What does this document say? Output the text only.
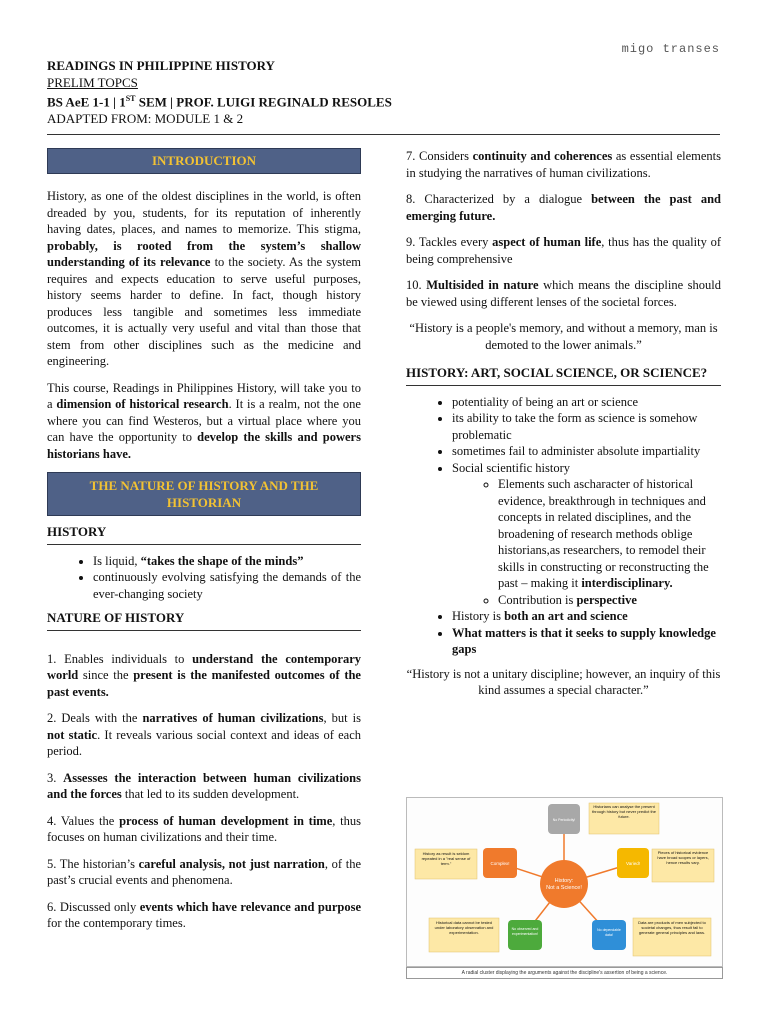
migo transes
READINGS IN PHILIPPINE HISTORY
PRELIM TOPCS
BS AeE 1-1 | 1ST SEM | PROF. LUIGI REGINALD RESOLES
ADAPTED FROM: MODULE 1 & 2
INTRODUCTION

History, as one of the oldest disciplines in the world, is often dreaded by you, students, for its reputation of inherently having dates, places, and names to memorize. This stigma, probably, is rooted from the system’s shallow understanding of its relevance to the society. As the system requires and expects education to serve useful purposes, history seems harder to define. In fact, though history produces less tangible and sometimes less immediate outcomes, it is actually very useful and vital than those that stem from other disciplines such as the medicine and engineering.

This course, Readings in Philippines History, will take you to a dimension of historical research. It is a realm, not the one where you can find Westeros, but a virtual place where you can have the opportunity to develop the skills and powers historians have.

THE NATURE OF HISTORY AND THE HISTORIAN
HISTORY
• Is liquid, “takes the shape of the minds”
• continuously evolving satisfying the demands of the ever-changing society
NATURE OF HISTORY

1. Enables individuals to understand the contemporary world since the present is the manifested outcomes of the past events.

2. Deals with the narratives of human civilizations, but is not static. It reveals various social context and ideas of each period.

3. Assesses the interaction between human civilizations and the forces that led to its sudden development.

4. Values the process of human development in time, thus focuses on human civilizations and their time.

5. The historian’s careful analysis, not just narration, of the past’s crucial events and phenomena.

6. Discussed only events which have relevance and purpose for the contemporary times.

7. Considers continuity and coherences as essential elements in studying the narratives of human civilizations.

8. Characterized by a dialogue between the past and emerging future.

9. Tackles every aspect of human life, thus has the quality of being comprehensive

10. Multisided in nature which means the discipline should be viewed using different lenses of the societal forces.

“History is a people's memory, and without a memory, man is demoted to the lower animals.”
HISTORY: ART, SOCIAL SCIENCE, OR SCIENCE?
• potentiality of being an art or science
• its ability to take the form as science is somehow problematic
• sometimes fail to administer absolute impartiality
• Social scientific history
◦ Elements such ascharacter of historical evidence, breakthrough in techniques and concepts in related disciplines, and the broadening of research methods oblige historians,as researchers, to remodel their skills in constructing or reconstructing the past – making it interdisciplinary.
◦ Contribution is perspective
• History is both an art and science
• What matters is that it seeks to supply knowledge gaps
“History is not a unitary discipline; however, an inquiry of this kind assumes a special character.”
History: Not a Science!
No Periodicity!
Historians can analyse the present through history but never predict the future.
Varied!
Pieces of historical evidence have broad scopes or layers, hence results vary.
Complex!
History as result is seldom repeated in a "real sense of term."
No observed and experimentation!
Historical data cannot be tested under laboratory observation and experimentation.	No dependable data!
Data are products of men subjected to societal changes, thus result fail to generate general principles and laws.
A radial cluster displaying the arguments against the discipline's assertion of being a science.
